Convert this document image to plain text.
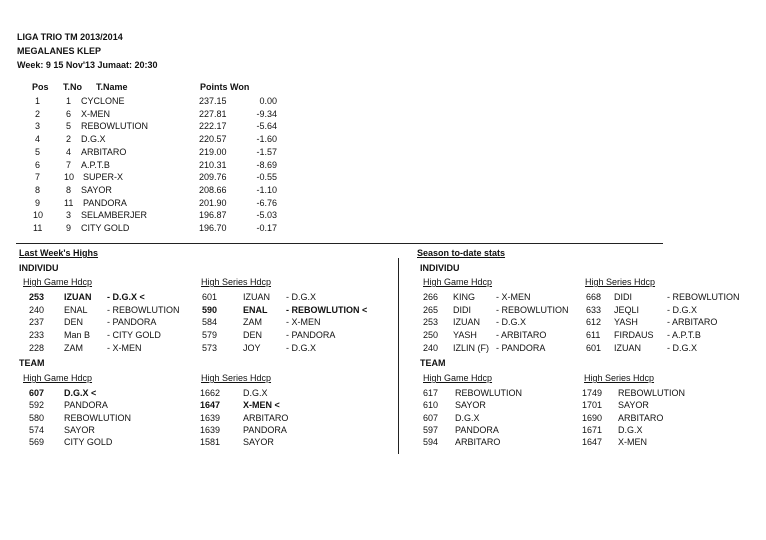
LIGA TRIO TM 2013/2014
MEGALANES KLEP
Week: 9 15 Nov'13 Jumaat: 20:30
Pos T.No T.Name	Points Won
1	1 CYCLONE	237.15	0.00
2	6 X-MEN	227.81	-9.34
3	5 REBOWLUTION	222.17	-5.64
4	2 D.G.X	220.57	-1.60
5	4 ARBITARO	219.00	-1.57
6	7 A.P.T.B	210.31	-8.69
7	10 SUPER-X	209.76	-0.55
8	8 SAYOR	208.66	-1.10
9	11 PANDORA	201.90	-6.76
10	3 SELAMBERJER	196.87	-5.03
11	9 CITY GOLD	196.70	-0.17
Last Week's Highs
INDIVIDU
High Game Hdcp	High Series Hdcp
TEAM
High Game Hdcp	High Series Hdcp
Season to-date stats
INDIVIDU
High Game Hdcp	High Series Hdcp
TEAM
High Game Hdcp	High Series Hdcp
253 IZUAN - D.G.X <
240 ENAL - REBOWLUTION
237 DEN	- PANDORA
233 Man B - CITY GOLD
228 ZAM	- X-MEN
601	IZUAN - D.G.X
590	ENAL - REBOWLUTION <
584	ZAM	- X-MEN
579	DEN	- PANDORA
573	JOY	- D.G.X
607 D.G.X <
592 PANDORA
580 REBOWLUTION
574 SAYOR
569 CITY GOLD
1662	D.G.X
1647	X-MEN <
1639	ARBITARO
1639	PANDORA
1581	SAYOR
266 KING - X-MEN
265 DIDI	- REBOWLUTION
253 IZUAN - D.G.X
250 YASH - ARBITARO
240 IZLIN (F) - PANDORA
668 DIDI	- REBOWLUTION
633 JEQLI	- D.G.X
612 YASH	- ARBITARO
611 FIRDAUS - A.P.T.B
601 IZUAN	- D.G.X
617 REBOWLUTION
610 SAYOR
607 D.G.X
597 PANDORA
594 ARBITARO
1749 REBOWLUTION
1701 SAYOR
1690 ARBITARO
1671 D.G.X
1647 X-MEN
